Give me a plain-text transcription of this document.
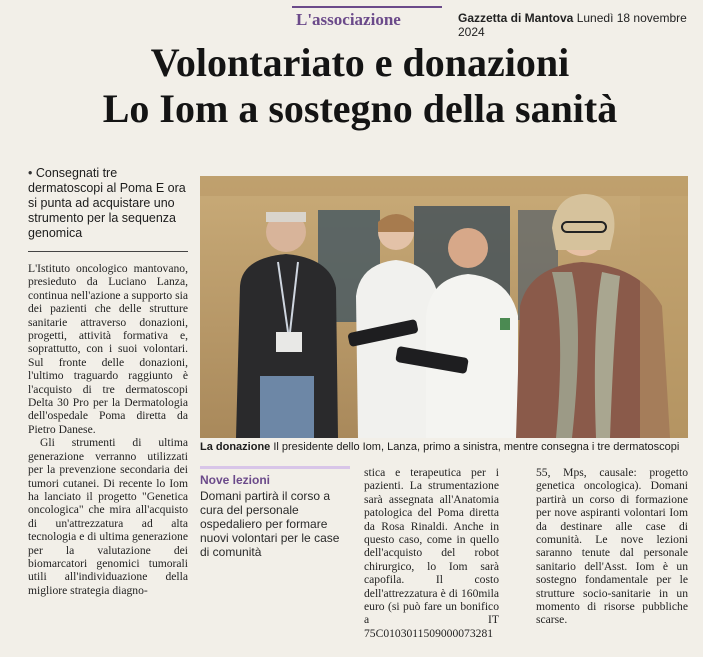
L'associazione	Gazzetta di Mantova Lunedì 18 novembre 2024
Volontariato e donazioni
Lo Iom a sostegno della sanità
• Consegnati tre dermatoscopi al Poma E ora si punta ad acquistare uno strumento per la sequenza genomica

L'Istituto oncologico mantovano, presieduto da Luciano Lanza, continua nell'azione a supporto sia dei pazienti che delle strutture sanitarie attraverso donazioni, progetti, attività formativa e, soprattutto, con i suoi volontari. Sul fronte delle donazioni, l'ultimo traguardo raggiunto è l'acquisto di tre dermatoscopi Delta 30 Pro per la Dermatologia dell'ospedale Poma diretta da Pietro Danese.

Gli strumenti di ultima generazione verranno utilizzati per la prevenzione secondaria dei tumori cutanei. Di recente lo Iom ha lanciato il progetto "Genetica oncologica" che mira all'acquisto di un'attrezzatura ad alta tecnologia e di ultima generazione per la valutazione dei biomarcatori genomici tumorali utili all'individuazione della migliore strategia diagno-

La donazione Il presidente dello Iom, Lanza, primo a sinistra, mentre consegna i tre dermatoscopi
Nove lezioni
Domani partirà il corso a cura del personale ospedaliero per formare nuovi volontari per le case di comunità

stica e terapeutica per i pazienti. La strumentazione sarà assegnata all'Anatomia patologica del Poma diretta da Rosa Rinaldi. Anche in questo caso, come in quello dell'acquisto del robot chirurgico, lo Iom sarà capofila. Il costo dell'attrezzatura è di 160mila euro (si può fare un bonifico a IT 75C0103011509000073281

55, Mps, causale: progetto genetica oncologica). Domani partirà un corso di formazione per nove aspiranti volontari Iom da destinare alle case di comunità. Le nove lezioni saranno tenute dal personale sanitario dell'Asst. Iom è un sostegno fondamentale per le strutture socio-sanitarie in un momento di risorse pubbliche scarse.
